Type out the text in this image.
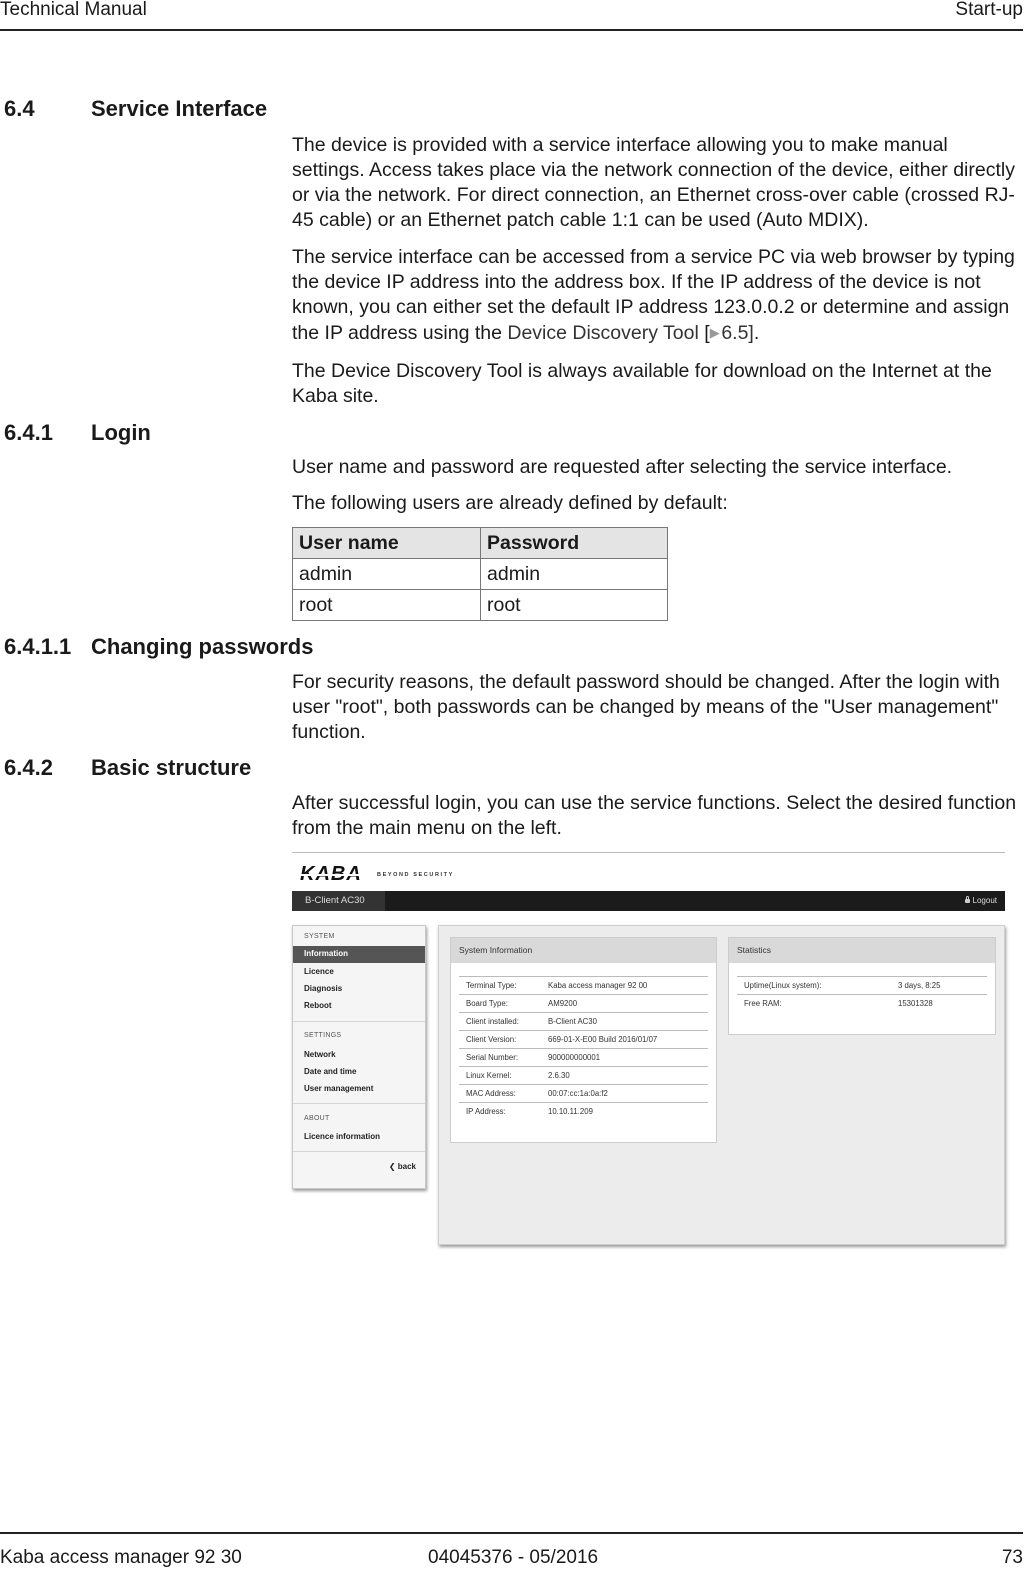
Technical Manual	Start-up
6.4	Service Interface
The device is provided with a service interface allowing you to make manual settings. Access takes place via the network connection of the device, either directly or via the network. For direct connection, an Ethernet cross-over cable (crossed RJ-45 cable) or an Ethernet patch cable 1:1 can be used (Auto MDIX).
The service interface can be accessed from a service PC via web browser by typing the device IP address into the address box. If the IP address of the device is not known, you can either set the default IP address 123.0.0.2 or determine and assign the IP address using the Device Discovery Tool [▶ 6.5].
The Device Discovery Tool is always available for download on the Internet at the Kaba site.
6.4.1 Login
User name and password are requested after selecting the service interface.
The following users are already defined by default:
User name	Password
admin	admin
root	root
6.4.1.1 Changing passwords
For security reasons, the default password should be changed. After the login with user "root", both passwords can be changed by means of the "User management" function.
6.4.2 Basic structure
After successful login, you can use the service functions. Select the desired function from the main menu on the left.
KABA	BEYOND SECURITY
B-Client AC30	Logout
SYSTEM
Information
Licence
Diagnosis
Reboot
SETTINGS
Network
Date and time
User management
ABOUT
Licence information
❮ back
System Information
Terminal Type:	Kaba access manager 92 00
Board Type:	AM9200
Client installed:	B-Client AC30
Client Version:	669-01-X-E00 Build 2016/01/07
Serial Number:	900000000001
Linux Kernel:	2.6.30
MAC Address:	00:07:cc:1a:0a:f2
IP Address:	10.10.11.209
Statistics
Uptime(Linux system):	3 days, 8:25
Free RAM:	15301328
Kaba access manager 92 30	04045376 - 05/2016	73
